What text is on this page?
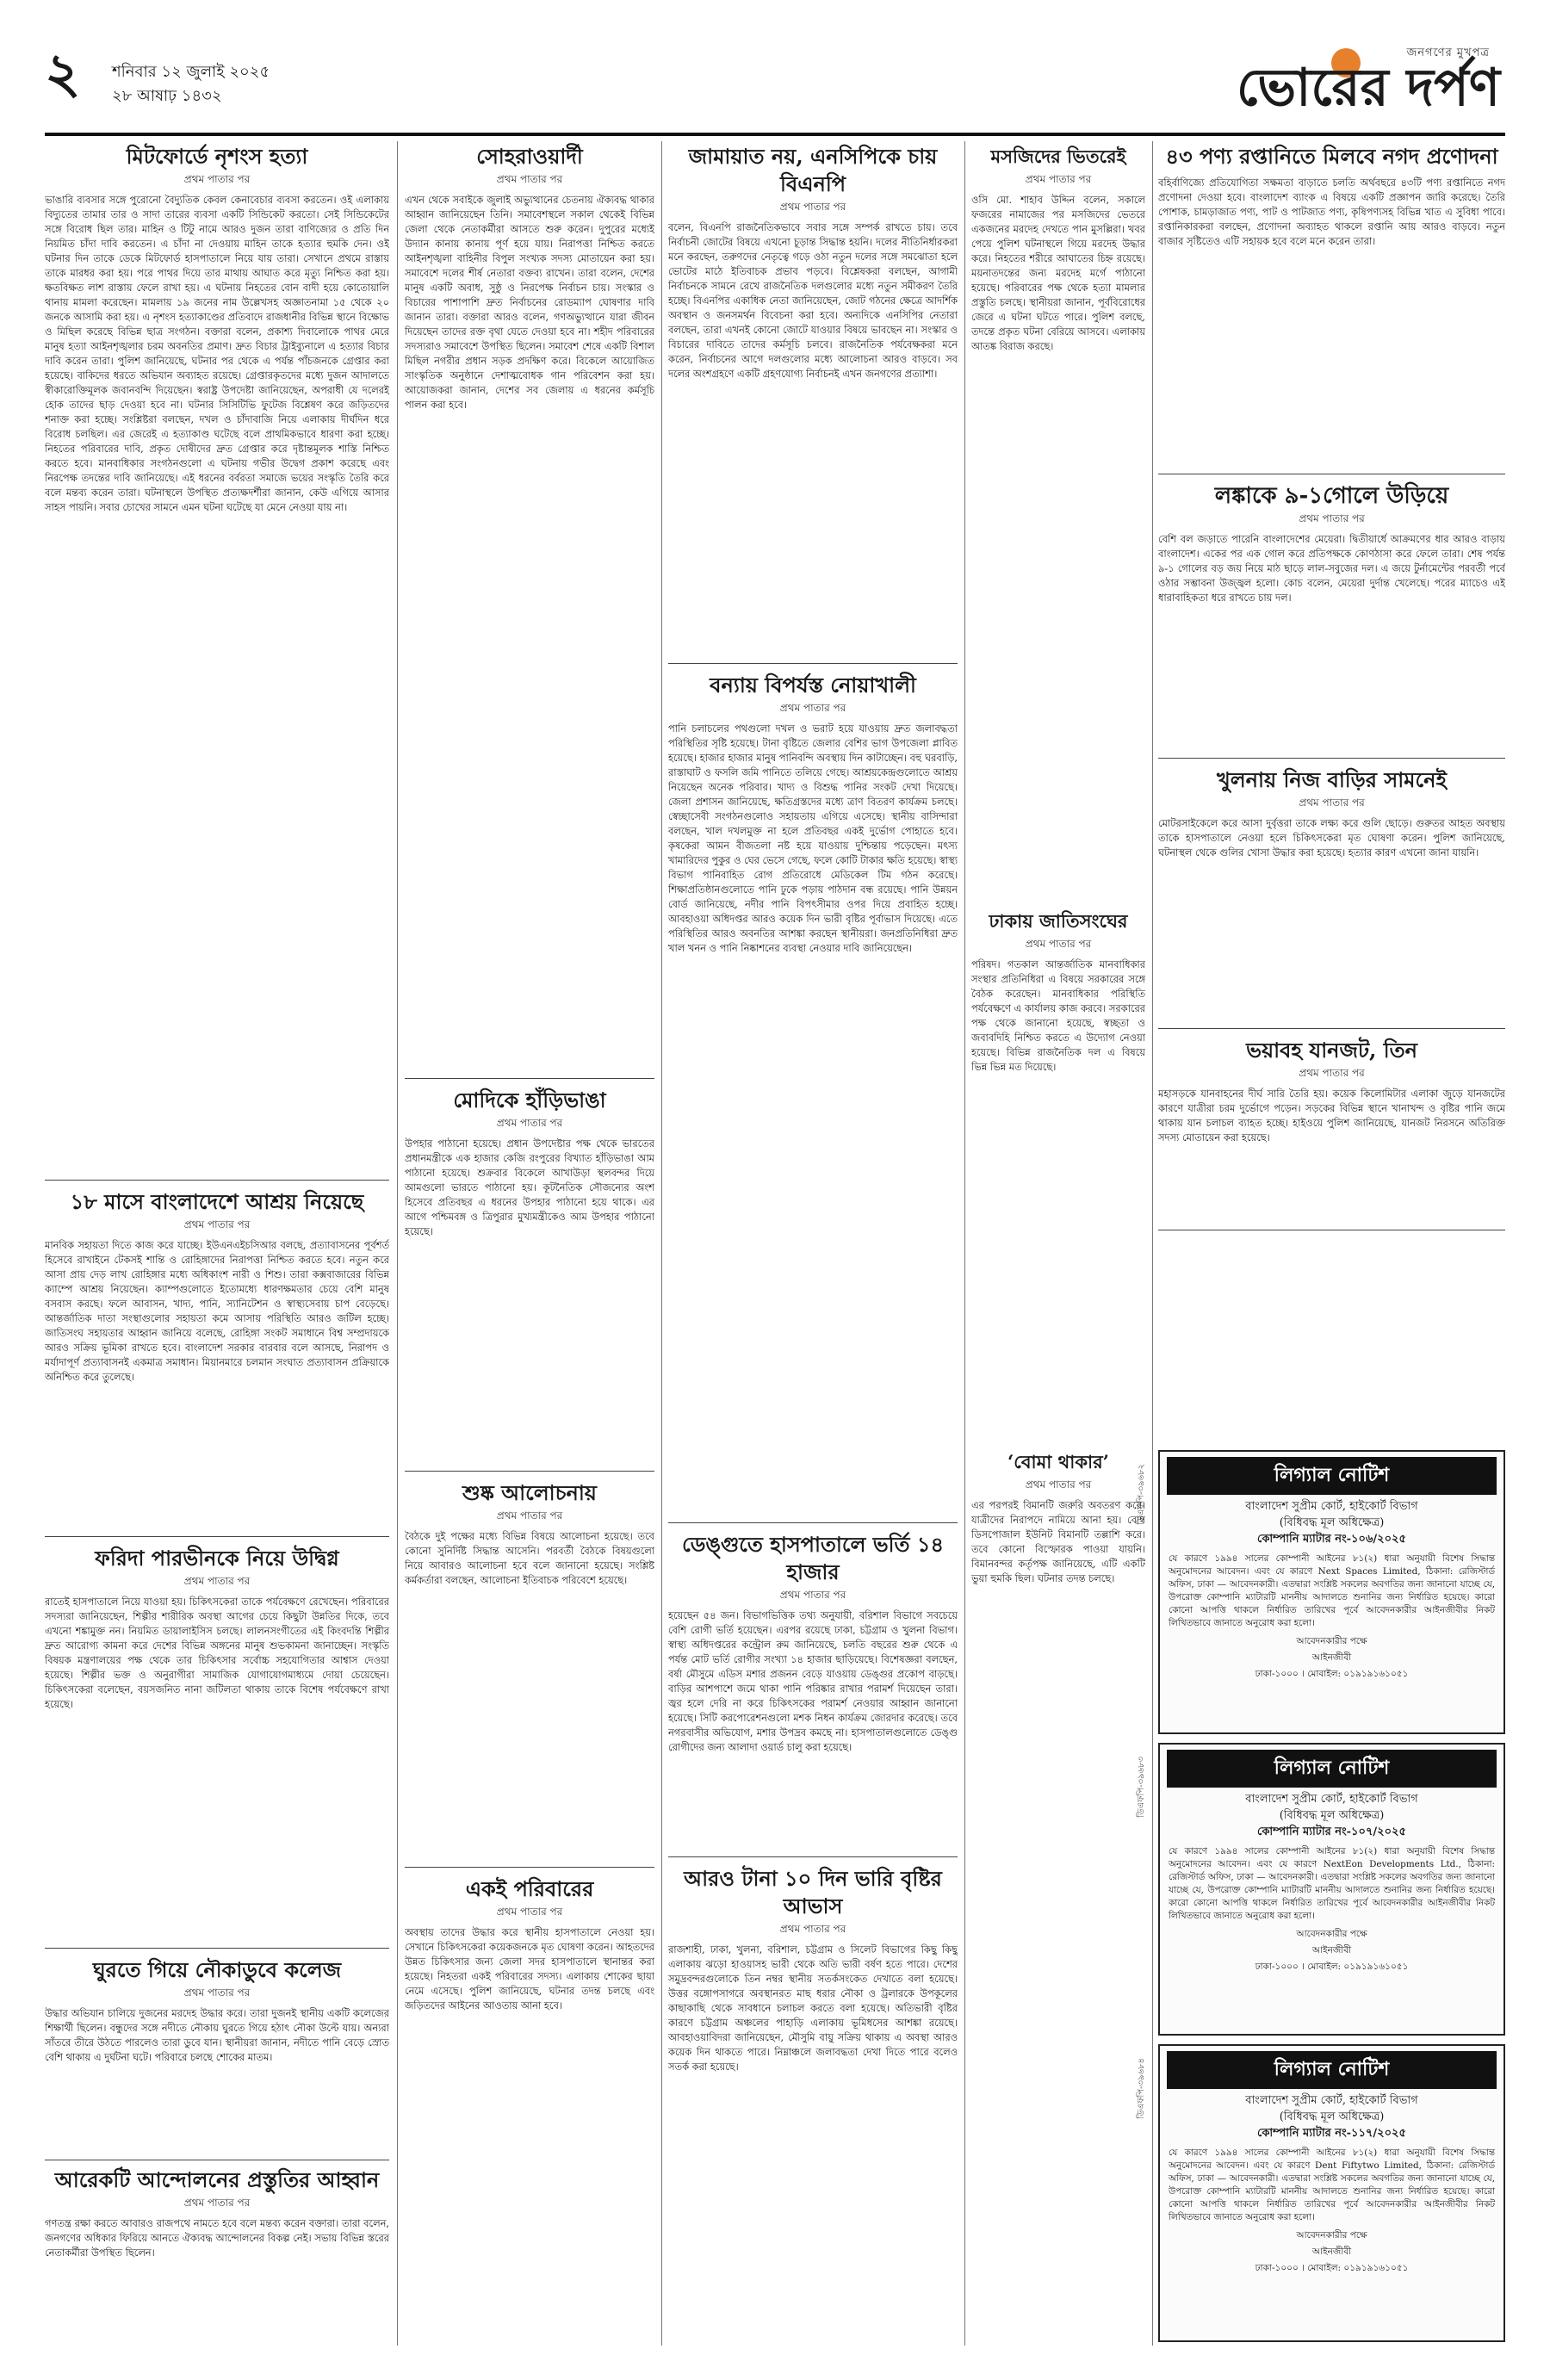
২ শনিবার ১২ জুলাই ২০২৫
২৮ আষাঢ় ১৪৩২
জনগণের মুখপত্র
ভোরের দর্পণ
মিটফোর্ডে নৃশংস হত্যা
প্রথম পাতার পর

ভাঙারি ব্যবসার সঙ্গে পুরোনো বৈদ্যুতিক কেবল কেনাবেচার ব্যবসা করতেন। ওই এলাকায় বিদ্যুতের তামার তার ও সাদা তারের ব্যবসা একটি সিন্ডিকেট করতো। সেই সিন্ডিকেটের সঙ্গে বিরোধ ছিল তার। মাহিন ও টিটু নামে আরও দুজন তারা বাণিজ্যের ও প্রতি দিন নিয়মিত চাঁদা দাবি করতেন। এ চাঁদা না দেওয়ায় মাহিন তাকে হত্যার হুমকি দেন। ওই ঘটনার দিন তাকে ডেকে মিটফোর্ড হাসপাতালে নিয়ে যায় তারা। সেখানে প্রথমে রাস্তায় তাকে মারধর করা হয়। পরে পাথর দিয়ে তার মাথায় আঘাত করে মৃত্যু নিশ্চিত করা হয়। ক্ষতবিক্ষত লাশ রাস্তায় ফেলে রাখা হয়। এ ঘটনায় নিহতের বোন বাদী হয়ে কোতোয়ালি থানায় মামলা করেছেন। মামলায় ১৯ জনের নাম উল্লেখসহ অজ্ঞাতনামা ১৫ থেকে ২০ জনকে আসামি করা হয়। এ নৃশংস হত্যাকাণ্ডের প্রতিবাদে রাজধানীর বিভিন্ন স্থানে বিক্ষোভ ও মিছিল করেছে বিভিন্ন ছাত্র সংগঠন। বক্তারা বলেন, প্রকাশ্য দিবালোকে পাথর মেরে মানুষ হত্যা আইনশৃঙ্খলার চরম অবনতির প্রমাণ। দ্রুত বিচার ট্রাইব্যুনালে এ হত্যার বিচার দাবি করেন তারা। পুলিশ জানিয়েছে, ঘটনার পর থেকে এ পর্যন্ত পাঁচজনকে গ্রেপ্তার করা হয়েছে। বাকিদের ধরতে অভিযান অব্যাহত রয়েছে। গ্রেপ্তারকৃতদের মধ্যে দুজন আদালতে স্বীকারোক্তিমূলক জবানবন্দি দিয়েছেন। স্বরাষ্ট্র উপদেষ্টা জানিয়েছেন, অপরাধী যে দলেরই হোক তাদের ছাড় দেওয়া হবে না। ঘটনার সিসিটিভি ফুটেজ বিশ্লেষণ করে জড়িতদের শনাক্ত করা হচ্ছে। সংশ্লিষ্টরা বলছেন, দখল ও চাঁদাবাজি নিয়ে এলাকায় দীর্ঘদিন ধরে বিরোধ চলছিল। এর জেরেই এ হত্যাকাণ্ড ঘটেছে বলে প্রাথমিকভাবে ধারণা করা হচ্ছে। নিহতের পরিবারের দাবি, প্রকৃত দোষীদের দ্রুত গ্রেপ্তার করে দৃষ্টান্তমূলক শাস্তি নিশ্চিত করতে হবে। মানবাধিকার সংগঠনগুলো এ ঘটনায় গভীর উদ্বেগ প্রকাশ করেছে এবং নিরপেক্ষ তদন্তের দাবি জানিয়েছে। এই ধরনের বর্বরতা সমাজে ভয়ের সংস্কৃতি তৈরি করে বলে মন্তব্য করেন তারা। ঘটনাস্থলে উপস্থিত প্রত্যক্ষদর্শীরা জানান, কেউ এগিয়ে আসার সাহস পায়নি। সবার চোখের সামনে এমন ঘটনা ঘটেছে যা মেনে নেওয়া যায় না।

১৮ মাসে বাংলাদেশে আশ্রয় নিয়েছে
প্রথম পাতার পর

মানবিক সহায়তা দিতে কাজ করে যাচ্ছে। ইউএনএইচসিআর বলছে, প্রত্যাবাসনের পূর্বশর্ত হিসেবে রাখাইনে টেকসই শান্তি ও রোহিঙ্গাদের নিরাপত্তা নিশ্চিত করতে হবে। নতুন করে আসা প্রায় দেড় লাখ রোহিঙ্গার মধ্যে অধিকাংশ নারী ও শিশু। তারা কক্সবাজারের বিভিন্ন ক্যাম্পে আশ্রয় নিয়েছেন। ক্যাম্পগুলোতে ইতোমধ্যে ধারণক্ষমতার চেয়ে বেশি মানুষ বসবাস করছে। ফলে আবাসন, খাদ্য, পানি, স্যানিটেশন ও স্বাস্থ্যসেবায় চাপ বেড়েছে। আন্তর্জাতিক দাতা সংস্থাগুলোর সহায়তা কমে আসায় পরিস্থিতি আরও জটিল হচ্ছে। জাতিসংঘ সহায়তার আহ্বান জানিয়ে বলেছে, রোহিঙ্গা সংকট সমাধানে বিশ্ব সম্প্রদায়কে আরও সক্রিয় ভূমিকা রাখতে হবে। বাংলাদেশ সরকার বারবার বলে আসছে, নিরাপদ ও মর্যাদাপূর্ণ প্রত্যাবাসনই একমাত্র সমাধান। মিয়ানমারে চলমান সংঘাত প্রত্যাবাসন প্রক্রিয়াকে অনিশ্চিত করে তুলেছে।

ফরিদা পারভীনকে নিয়ে উদ্বিগ্ন
প্রথম পাতার পর

রাতেই হাসপাতালে নিয়ে যাওয়া হয়। চিকিৎসকেরা তাকে পর্যবেক্ষণে রেখেছেন। পরিবারের সদস্যরা জানিয়েছেন, শিল্পীর শারীরিক অবস্থা আগের চেয়ে কিছুটা উন্নতির দিকে, তবে এখনো শঙ্কামুক্ত নন। নিয়মিত ডায়ালাইসিস চলছে। লালনসংগীতের এই কিংবদন্তি শিল্পীর দ্রুত আরোগ্য কামনা করে দেশের বিভিন্ন অঙ্গনের মানুষ শুভকামনা জানাচ্ছেন। সংস্কৃতি বিষয়ক মন্ত্রণালয়ের পক্ষ থেকে তার চিকিৎসার সর্বোচ্চ সহযোগিতার আশ্বাস দেওয়া হয়েছে। শিল্পীর ভক্ত ও অনুরাগীরা সামাজিক যোগাযোগমাধ্যমে দোয়া চেয়েছেন। চিকিৎসকেরা বলেছেন, বয়সজনিত নানা জটিলতা থাকায় তাকে বিশেষ পর্যবেক্ষণে রাখা হয়েছে।

ঘুরতে গিয়ে নৌকাডুবে কলেজ
প্রথম পাতার পর

উদ্ধার অভিযান চালিয়ে দুজনের মরদেহ উদ্ধার করে। তারা দুজনই স্থানীয় একটি কলেজের শিক্ষার্থী ছিলেন। বন্ধুদের সঙ্গে নদীতে নৌকায় ঘুরতে গিয়ে হঠাৎ নৌকা উল্টে যায়। অন্যরা সাঁতরে তীরে উঠতে পারলেও তারা ডুবে যান। স্থানীয়রা জানান, নদীতে পানি বেড়ে স্রোত বেশি থাকায় এ দুর্ঘটনা ঘটে। পরিবারে চলছে শোকের মাতম।

আরেকটি আন্দোলনের প্রস্তুতির আহ্বান
প্রথম পাতার পর

গণতন্ত্র রক্ষা করতে আবারও রাজপথে নামতে হবে বলে মন্তব্য করেন বক্তারা। তারা বলেন, জনগণের অধিকার ফিরিয়ে আনতে ঐক্যবদ্ধ আন্দোলনের বিকল্প নেই। সভায় বিভিন্ন স্তরের নেতাকর্মীরা উপস্থিত ছিলেন।

সোহরাওয়ার্দী
প্রথম পাতার পর

এখন থেকে সবাইকে জুলাই অভ্যুত্থানের চেতনায় ঐক্যবদ্ধ থাকার আহ্বান জানিয়েছেন তিনি। সমাবেশস্থলে সকাল থেকেই বিভিন্ন জেলা থেকে নেতাকর্মীরা আসতে শুরু করেন। দুপুরের মধ্যেই উদ্যান কানায় কানায় পূর্ণ হয়ে যায়। নিরাপত্তা নিশ্চিত করতে আইনশৃঙ্খলা বাহিনীর বিপুল সংখ্যক সদস্য মোতায়েন করা হয়। সমাবেশে দলের শীর্ষ নেতারা বক্তব্য রাখেন। তারা বলেন, দেশের মানুষ একটি অবাধ, সুষ্ঠু ও নিরপেক্ষ নির্বাচন চায়। সংস্কার ও বিচারের পাশাপাশি দ্রুত নির্বাচনের রোডম্যাপ ঘোষণার দাবি জানান তারা। বক্তারা আরও বলেন, গণঅভ্যুত্থানে যারা জীবন দিয়েছেন তাদের রক্ত বৃথা যেতে দেওয়া হবে না। শহীদ পরিবারের সদস্যরাও সমাবেশে উপস্থিত ছিলেন। সমাবেশ শেষে একটি বিশাল মিছিল নগরীর প্রধান সড়ক প্রদক্ষিণ করে। বিকেলে আয়োজিত সাংস্কৃতিক অনুষ্ঠানে দেশাত্মবোধক গান পরিবেশন করা হয়। আয়োজকরা জানান, দেশের সব জেলায় এ ধরনের কর্মসূচি পালন করা হবে।

মোদিকে হাঁড়িভাঙা
প্রথম পাতার পর

উপহার পাঠানো হয়েছে। প্রধান উপদেষ্টার পক্ষ থেকে ভারতের প্রধানমন্ত্রীকে এক হাজার কেজি রংপুরের বিখ্যাত হাঁড়িভাঙা আম পাঠানো হয়েছে। শুক্রবার বিকেলে আখাউড়া স্থলবন্দর দিয়ে আমগুলো ভারতে পাঠানো হয়। কূটনৈতিক সৌজন্যের অংশ হিসেবে প্রতিবছর এ ধরনের উপহার পাঠানো হয়ে থাকে। এর আগে পশ্চিমবঙ্গ ও ত্রিপুরার মুখ্যমন্ত্রীকেও আম উপহার পাঠানো হয়েছে।

শুষ্ক আলোচনায়
প্রথম পাতার পর

বৈঠকে দুই পক্ষের মধ্যে বিভিন্ন বিষয়ে আলোচনা হয়েছে। তবে কোনো সুনির্দিষ্ট সিদ্ধান্ত আসেনি। পরবর্তী বৈঠকে বিষয়গুলো নিয়ে আবারও আলোচনা হবে বলে জানানো হয়েছে। সংশ্লিষ্ট কর্মকর্তারা বলছেন, আলোচনা ইতিবাচক পরিবেশে হয়েছে।

একই পরিবারের
প্রথম পাতার পর

অবস্থায় তাদের উদ্ধার করে স্থানীয় হাসপাতালে নেওয়া হয়। সেখানে চিকিৎসকেরা কয়েকজনকে মৃত ঘোষণা করেন। আহতদের উন্নত চিকিৎসার জন্য জেলা সদর হাসপাতালে স্থানান্তর করা হয়েছে। নিহতরা একই পরিবারের সদস্য। এলাকায় শোকের ছায়া নেমে এসেছে। পুলিশ জানিয়েছে, ঘটনার তদন্ত চলছে এবং জড়িতদের আইনের আওতায় আনা হবে।

জামায়াত নয়, এনসিপিকে চায় বিএনপি
প্রথম পাতার পর

বলেন, বিএনপি রাজনৈতিকভাবে সবার সঙ্গে সম্পর্ক রাখতে চায়। তবে নির্বাচনী জোটের বিষয়ে এখনো চূড়ান্ত সিদ্ধান্ত হয়নি। দলের নীতিনির্ধারকরা মনে করছেন, তরুণদের নেতৃত্বে গড়ে ওঠা নতুন দলের সঙ্গে সমঝোতা হলে ভোটের মাঠে ইতিবাচক প্রভাব পড়বে। বিশ্লেষকরা বলছেন, আগামী নির্বাচনকে সামনে রেখে রাজনৈতিক দলগুলোর মধ্যে নতুন সমীকরণ তৈরি হচ্ছে। বিএনপির একাধিক নেতা জানিয়েছেন, জোট গঠনের ক্ষেত্রে আদর্শিক অবস্থান ও জনসমর্থন বিবেচনা করা হবে। অন্যদিকে এনসিপির নেতারা বলছেন, তারা এখনই কোনো জোটে যাওয়ার বিষয়ে ভাবছেন না। সংস্কার ও বিচারের দাবিতে তাদের কর্মসূচি চলবে। রাজনৈতিক পর্যবেক্ষকরা মনে করেন, নির্বাচনের আগে দলগুলোর মধ্যে আলোচনা আরও বাড়বে। সব দলের অংশগ্রহণে একটি গ্রহণযোগ্য নির্বাচনই এখন জনগণের প্রত্যাশা।

বন্যায় বিপর্যস্ত নোয়াখালী
প্রথম পাতার পর

পানি চলাচলের পথগুলো দখল ও ভরাট হয়ে যাওয়ায় দ্রুত জলাবদ্ধতা পরিস্থিতির সৃষ্টি হয়েছে। টানা বৃষ্টিতে জেলার বেশির ভাগ উপজেলা প্লাবিত হয়েছে। হাজার হাজার মানুষ পানিবন্দি অবস্থায় দিন কাটাচ্ছেন। বহু ঘরবাড়ি, রাস্তাঘাট ও ফসলি জমি পানিতে তলিয়ে গেছে। আশ্রয়কেন্দ্রগুলোতে আশ্রয় নিয়েছেন অনেক পরিবার। খাদ্য ও বিশুদ্ধ পানির সংকট দেখা দিয়েছে। জেলা প্রশাসন জানিয়েছে, ক্ষতিগ্রস্তদের মধ্যে ত্রাণ বিতরণ কার্যক্রম চলছে। স্বেচ্ছাসেবী সংগঠনগুলোও সহায়তায় এগিয়ে এসেছে। স্থানীয় বাসিন্দারা বলছেন, খাল দখলমুক্ত না হলে প্রতিবছর একই দুর্ভোগ পোহাতে হবে। কৃষকেরা আমন বীজতলা নষ্ট হয়ে যাওয়ায় দুশ্চিন্তায় পড়েছেন। মৎস্য খামারিদের পুকুর ও ঘের ভেসে গেছে, ফলে কোটি টাকার ক্ষতি হয়েছে। স্বাস্থ্য বিভাগ পানিবাহিত রোগ প্রতিরোধে মেডিকেল টিম গঠন করেছে। শিক্ষাপ্রতিষ্ঠানগুলোতে পানি ঢুকে পড়ায় পাঠদান বন্ধ রয়েছে। পানি উন্নয়ন বোর্ড জানিয়েছে, নদীর পানি বিপৎসীমার ওপর দিয়ে প্রবাহিত হচ্ছে। আবহাওয়া অধিদপ্তর আরও কয়েক দিন ভারী বৃষ্টির পূর্বাভাস দিয়েছে। এতে পরিস্থিতির আরও অবনতির আশঙ্কা করছেন স্থানীয়রা। জনপ্রতিনিধিরা দ্রুত খাল খনন ও পানি নিষ্কাশনের ব্যবস্থা নেওয়ার দাবি জানিয়েছেন।

ডেঙ্গুতে হাসপাতালে ভর্তি ১৪ হাজার
প্রথম পাতার পর

হয়েছেন ৫৪ জন। বিভাগভিত্তিক তথ্য অনুযায়ী, বরিশাল বিভাগে সবচেয়ে বেশি রোগী ভর্তি হয়েছেন। এরপর রয়েছে ঢাকা, চট্টগ্রাম ও খুলনা বিভাগ। স্বাস্থ্য অধিদপ্তরের কন্ট্রোল রুম জানিয়েছে, চলতি বছরের শুরু থেকে এ পর্যন্ত মোট ভর্তি রোগীর সংখ্যা ১৪ হাজার ছাড়িয়েছে। বিশেষজ্ঞরা বলছেন, বর্ষা মৌসুমে এডিস মশার প্রজনন বেড়ে যাওয়ায় ডেঙ্গুর প্রকোপ বাড়ছে। বাড়ির আশপাশে জমে থাকা পানি পরিষ্কার রাখার পরামর্শ দিয়েছেন তারা। জ্বর হলে দেরি না করে চিকিৎসকের পরামর্শ নেওয়ার আহ্বান জানানো হয়েছে। সিটি করপোরেশনগুলো মশক নিধন কার্যক্রম জোরদার করেছে। তবে নগরবাসীর অভিযোগ, মশার উপদ্রব কমছে না। হাসপাতালগুলোতে ডেঙ্গু রোগীদের জন্য আলাদা ওয়ার্ড চালু করা হয়েছে।

আরও টানা ১০ দিন ভারি বৃষ্টির আভাস
প্রথম পাতার পর

রাজশাহী, ঢাকা, খুলনা, বরিশাল, চট্টগ্রাম ও সিলেট বিভাগের কিছু কিছু এলাকায় ঝড়ো হাওয়াসহ ভারী থেকে অতি ভারী বর্ষণ হতে পারে। দেশের সমুদ্রবন্দরগুলোকে তিন নম্বর স্থানীয় সতর্কসংকেত দেখাতে বলা হয়েছে। উত্তর বঙ্গোপসাগরে অবস্থানরত মাছ ধরার নৌকা ও ট্রলারকে উপকূলের কাছাকাছি থেকে সাবধানে চলাচল করতে বলা হয়েছে। অতিভারী বৃষ্টির কারণে চট্টগ্রাম অঞ্চলের পাহাড়ি এলাকায় ভূমিধসের আশঙ্কা রয়েছে। আবহাওয়াবিদরা জানিয়েছেন, মৌসুমি বায়ু সক্রিয় থাকায় এ অবস্থা আরও কয়েক দিন থাকতে পারে। নিম্নাঞ্চলে জলাবদ্ধতা দেখা দিতে পারে বলেও সতর্ক করা হয়েছে।

৪৩ পণ্য রপ্তানিতে মিলবে নগদ প্রণোদনা

বহির্বাণিজ্যে প্রতিযোগিতা সক্ষমতা বাড়াতে চলতি অর্থবছরে ৪৩টি পণ্য রপ্তানিতে নগদ প্রণোদনা দেওয়া হবে। বাংলাদেশ ব্যাংক এ বিষয়ে একটি প্রজ্ঞাপন জারি করেছে। তৈরি পোশাক, চামড়াজাত পণ্য, পাট ও পাটজাত পণ্য, কৃষিপণ্যসহ বিভিন্ন খাত এ সুবিধা পাবে। রপ্তানিকারকরা বলছেন, প্রণোদনা অব্যাহত থাকলে রপ্তানি আয় আরও বাড়বে। নতুন বাজার সৃষ্টিতেও এটি সহায়ক হবে বলে মনে করেন তারা।

লঙ্কাকে ৯-১গোলে উড়িয়ে
প্রথম পাতার পর

বেশি বল জড়াতে পারেনি বাংলাদেশের মেয়েরা। দ্বিতীয়ার্ধে আক্রমণের ধার আরও বাড়ায় বাংলাদেশ। একের পর এক গোল করে প্রতিপক্ষকে কোণঠাসা করে ফেলে তারা। শেষ পর্যন্ত ৯-১ গোলের বড় জয় নিয়ে মাঠ ছাড়ে লাল-সবুজের দল। এ জয়ে টুর্নামেন্টের পরবর্তী পর্বে ওঠার সম্ভাবনা উজ্জ্বল হলো। কোচ বলেন, মেয়েরা দুর্দান্ত খেলেছে। পরের ম্যাচেও এই ধারাবাহিকতা ধরে রাখতে চায় দল।

খুলনায় নিজ বাড়ির সামনেই
প্রথম পাতার পর

মোটরসাইকেলে করে আসা দুর্বৃত্তরা তাকে লক্ষ্য করে গুলি ছোড়ে। গুরুতর আহত অবস্থায় তাকে হাসপাতালে নেওয়া হলে চিকিৎসকেরা মৃত ঘোষণা করেন। পুলিশ জানিয়েছে, ঘটনাস্থল থেকে গুলির খোসা উদ্ধার করা হয়েছে। হত্যার কারণ এখনো জানা যায়নি।

ভয়াবহ যানজট, তিন
প্রথম পাতার পর

মহাসড়কে যানবাহনের দীর্ঘ সারি তৈরি হয়। কয়েক কিলোমিটার এলাকা জুড়ে যানজটের কারণে যাত্রীরা চরম দুর্ভোগে পড়েন। সড়কের বিভিন্ন স্থানে খানাখন্দ ও বৃষ্টির পানি জমে থাকায় যান চলাচল ব্যাহত হচ্ছে। হাইওয়ে পুলিশ জানিয়েছে, যানজট নিরসনে অতিরিক্ত সদস্য মোতায়েন করা হয়েছে।

লিগ্যাল নোটিশ
বাংলাদেশ সুপ্রীম কোর্ট, হাইকোর্ট বিভাগ
(বিধিবদ্ধ মূল অধিক্ষেত্র)
কোম্পানি ম্যাটার নং-১০৬/২০২৫
যে কারণে ১৯৯৪ সালের কোম্পানী আইনের ৮১(২) ধারা অনুযায়ী বিশেষ সিদ্ধান্ত অনুমোদনের আবেদন। এবং যে কারণে Next Spaces Limited, ঠিকানা: রেজিস্টার্ড অফিস, ঢাকা — আবেদনকারী। এতদ্বারা সংশ্লিষ্ট সকলের অবগতির জন্য জানানো যাচ্ছে যে, উপরোক্ত কোম্পানি ম্যাটারটি মাননীয় আদালতে শুনানির জন্য নির্ধারিত হয়েছে। কারো কোনো আপত্তি থাকলে নির্ধারিত তারিখের পূর্বে আবেদনকারীর আইনজীবীর নিকট লিখিতভাবে জানাতে অনুরোধ করা হলো।
আবেদনকারীর পক্ষে
আইনজীবী
ঢাকা-১০০০ । মোবাইল: ০১৯১৯১৬১০৫১
ডিএফপি-৩৯৬৮২
লিগ্যাল নোটিশ
বাংলাদেশ সুপ্রীম কোর্ট, হাইকোর্ট বিভাগ
(বিধিবদ্ধ মূল অধিক্ষেত্র)
কোম্পানি ম্যাটার নং-১০৭/২০২৫
যে কারণে ১৯৯৪ সালের কোম্পানী আইনের ৮১(২) ধারা অনুযায়ী বিশেষ সিদ্ধান্ত অনুমোদনের আবেদন। এবং যে কারণে NextEon Developments Ltd., ঠিকানা: রেজিস্টার্ড অফিস, ঢাকা — আবেদনকারী। এতদ্বারা সংশ্লিষ্ট সকলের অবগতির জন্য জানানো যাচ্ছে যে, উপরোক্ত কোম্পানি ম্যাটারটি মাননীয় আদালতে শুনানির জন্য নির্ধারিত হয়েছে। কারো কোনো আপত্তি থাকলে নির্ধারিত তারিখের পূর্বে আবেদনকারীর আইনজীবীর নিকট লিখিতভাবে জানাতে অনুরোধ করা হলো।
আবেদনকারীর পক্ষে
আইনজীবী
ঢাকা-১০০০ । মোবাইল: ০১৯১৯১৬১০৫১
ডিএফপি-৩৯৬৮৩
লিগ্যাল নোটিশ
বাংলাদেশ সুপ্রীম কোর্ট, হাইকোর্ট বিভাগ
(বিধিবদ্ধ মূল অধিক্ষেত্র)
কোম্পানি ম্যাটার নং-১১৭/২০২৫
যে কারণে ১৯৯৪ সালের কোম্পানী আইনের ৮১(২) ধারা অনুযায়ী বিশেষ সিদ্ধান্ত অনুমোদনের আবেদন। এবং যে কারণে Dent Fiftytwo Limited, ঠিকানা: রেজিস্টার্ড অফিস, ঢাকা — আবেদনকারী। এতদ্বারা সংশ্লিষ্ট সকলের অবগতির জন্য জানানো যাচ্ছে যে, উপরোক্ত কোম্পানি ম্যাটারটি মাননীয় আদালতে শুনানির জন্য নির্ধারিত হয়েছে। কারো কোনো আপত্তি থাকলে নির্ধারিত তারিখের পূর্বে আবেদনকারীর আইনজীবীর নিকট লিখিতভাবে জানাতে অনুরোধ করা হলো।
আবেদনকারীর পক্ষে
আইনজীবী
ঢাকা-১০০০ । মোবাইল: ০১৯১৯১৬১০৫১
ডিএফপি-৩৯৬৮৪
মসজিদের ভিতরেই
প্রথম পাতার পর

ওসি মো. শাহাব উদ্দিন বলেন, সকালে ফজরের নামাজের পর মসজিদের ভেতরে একজনের মরদেহ দেখতে পান মুসল্লিরা। খবর পেয়ে পুলিশ ঘটনাস্থলে গিয়ে মরদেহ উদ্ধার করে। নিহতের শরীরে আঘাতের চিহ্ন রয়েছে। ময়নাতদন্তের জন্য মরদেহ মর্গে পাঠানো হয়েছে। পরিবারের পক্ষ থেকে হত্যা মামলার প্রস্তুতি চলছে। স্থানীয়রা জানান, পূর্ববিরোধের জেরে এ ঘটনা ঘটতে পারে। পুলিশ বলছে, তদন্তে প্রকৃত ঘটনা বেরিয়ে আসবে। এলাকায় আতঙ্ক বিরাজ করছে।

ঢাকায় জাতিসংঘের
প্রথম পাতার পর

পরিষদ। গতকাল আন্তর্জাতিক মানবাধিকার সংস্থার প্রতিনিধিরা এ বিষয়ে সরকারের সঙ্গে বৈঠক করেছেন। মানবাধিকার পরিস্থিতি পর্যবেক্ষণে এ কার্যালয় কাজ করবে। সরকারের পক্ষ থেকে জানানো হয়েছে, স্বচ্ছতা ও জবাবদিহি নিশ্চিত করতে এ উদ্যোগ নেওয়া হয়েছে। বিভিন্ন রাজনৈতিক দল এ বিষয়ে ভিন্ন ভিন্ন মত দিয়েছে।

‘বোমা থাকার’
প্রথম পাতার পর

এর পরপরই বিমানটি জরুরি অবতরণ করে। যাত্রীদের নিরাপদে নামিয়ে আনা হয়। বোম্ব ডিসপোজাল ইউনিট বিমানটি তল্লাশি করে। তবে কোনো বিস্ফোরক পাওয়া যায়নি। বিমানবন্দর কর্তৃপক্ষ জানিয়েছে, এটি একটি ভুয়া হুমকি ছিল। ঘটনার তদন্ত চলছে।
